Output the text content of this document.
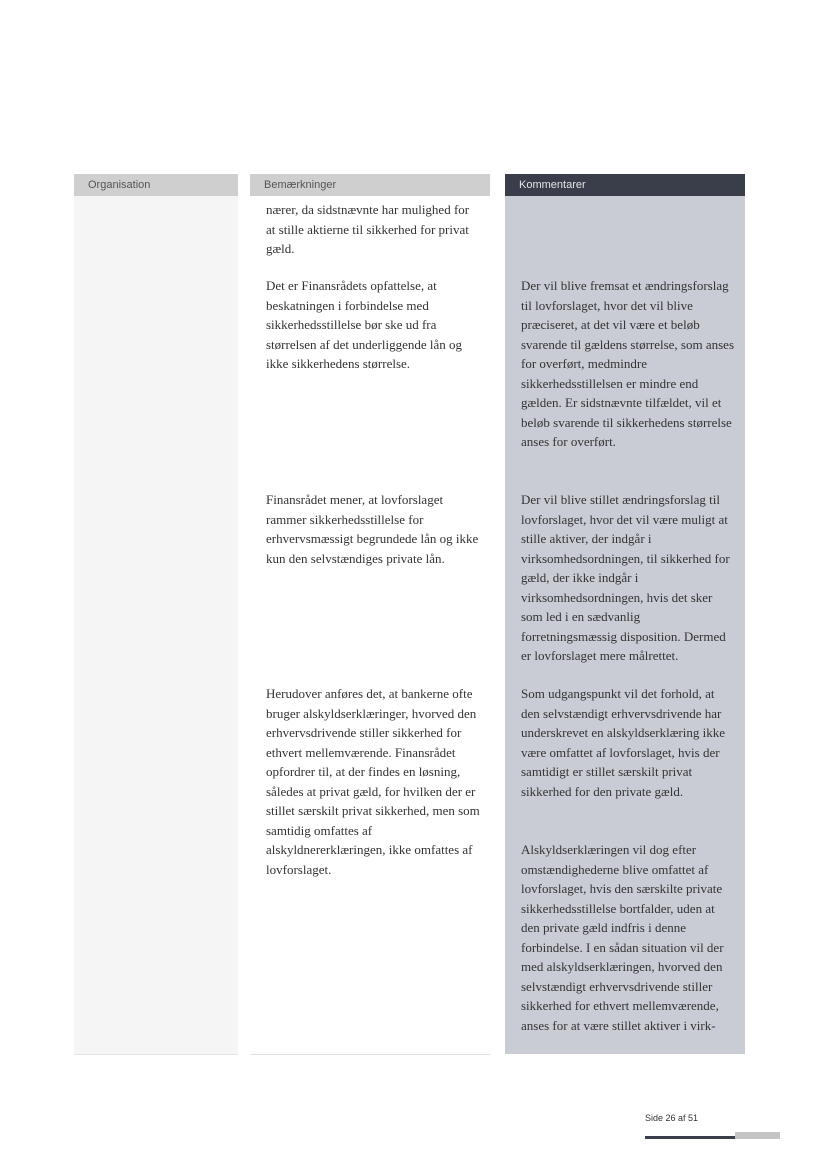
Organisation	Bemærkninger

nærer, da sidstnævnte har mulighed for at stille aktierne til sikkerhed for privat gæld.

Det er Finansrådets opfattelse, at beskatningen i forbindelse med sikkerhedsstillelse bør ske ud fra størrelsen af det underliggende lån og ikke sikkerhedens størrelse.

Finansrådet mener, at lovforslaget rammer sikkerhedsstillelse for erhvervsmæssigt begrundede lån og ikke kun den selvstændiges private lån.

Herudover anføres det, at bankerne ofte bruger alskyldserklæringer, hvorved den erhvervsdrivende stiller sikkerhed for ethvert mellemværende. Finansrådet opfordrer til, at der findes en løsning, således at privat gæld, for hvilken der er stillet særskilt privat sikkerhed, men som samtidig omfattes af alskyldnererklæringen, ikke omfattes af lovforslaget.

Kommentarer

Der vil blive fremsat et ændringsforslag til lovforslaget, hvor det vil blive præciseret, at det vil være et beløb svarende til gældens størrelse, som anses for overført, medmindre sikkerhedsstillelsen er mindre end gælden. Er sidstnævnte tilfældet, vil et beløb svarende til sikkerhedens størrelse anses for overført.

Der vil blive stillet ændringsforslag til lovforslaget, hvor det vil være muligt at stille aktiver, der indgår i virksomhedsordningen, til sikkerhed for gæld, der ikke indgår i virksomhedsordningen, hvis det sker som led i en sædvanlig forretningsmæssig disposition. Dermed er lovforslaget mere målrettet.

Som udgangspunkt vil det forhold, at den selvstændigt erhvervsdrivende har underskrevet en alskyldserklæring ikke være omfattet af lovforslaget, hvis der samtidigt er stillet særskilt privat sikkerhed for den private gæld.

Alskyldserklæringen vil dog efter omstændighederne blive omfattet af lovforslaget, hvis den særskilte private sikkerhedsstillelse bortfalder, uden at den private gæld indfris i denne forbindelse. I en sådan situation vil der med alskyldserklæringen, hvorved den selvstændigt erhvervsdrivende stiller sikkerhed for ethvert mellemværende, anses for at være stillet aktiver i virk-

Side 26 af 51
